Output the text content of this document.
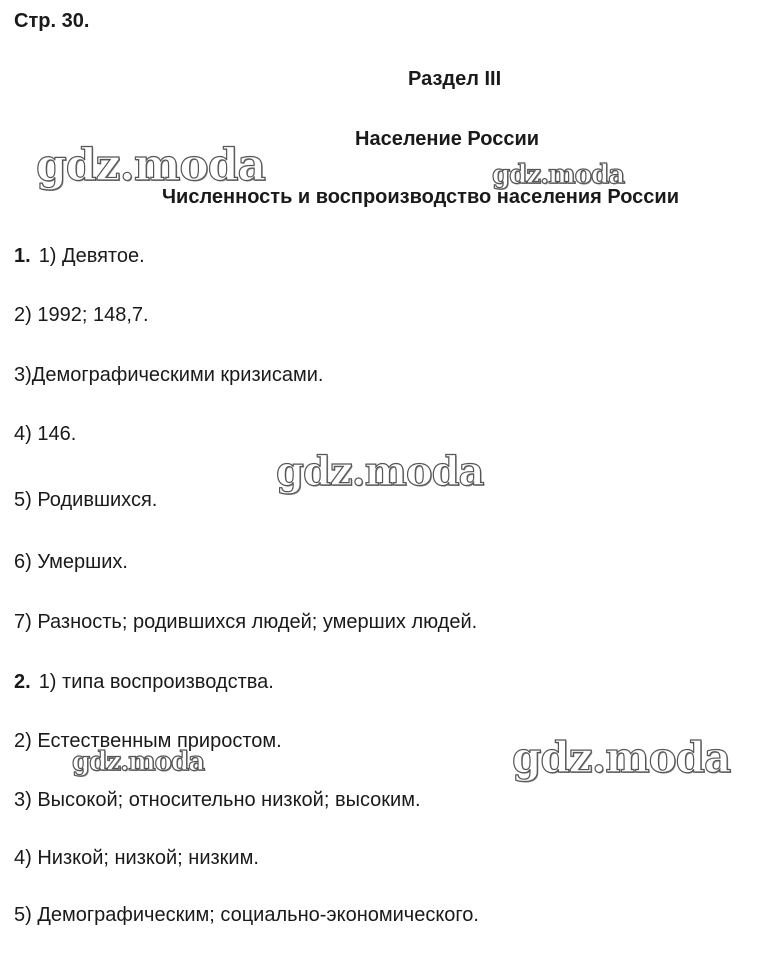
Стр. 30.

Раздел III
Население России
Численность и воспроизводство населения России
gdz.moda	gdz.moda

1. 1) Девятое.

2) 1992; 148,7.

3)Демографическими кризисами.

4) 146.

gdz.moda

5) Родившихся.

6) Умерших.

7) Разность; родившихся людей; умерших людей.

2. 1) типа воспроизводства.

2) Естественным приростом.

gdz.moda	gdz.moda

3) Высокой; относительно низкой; высоким.

4) Низкой; низкой; низким.

5) Демографическим; социально-экономического.
